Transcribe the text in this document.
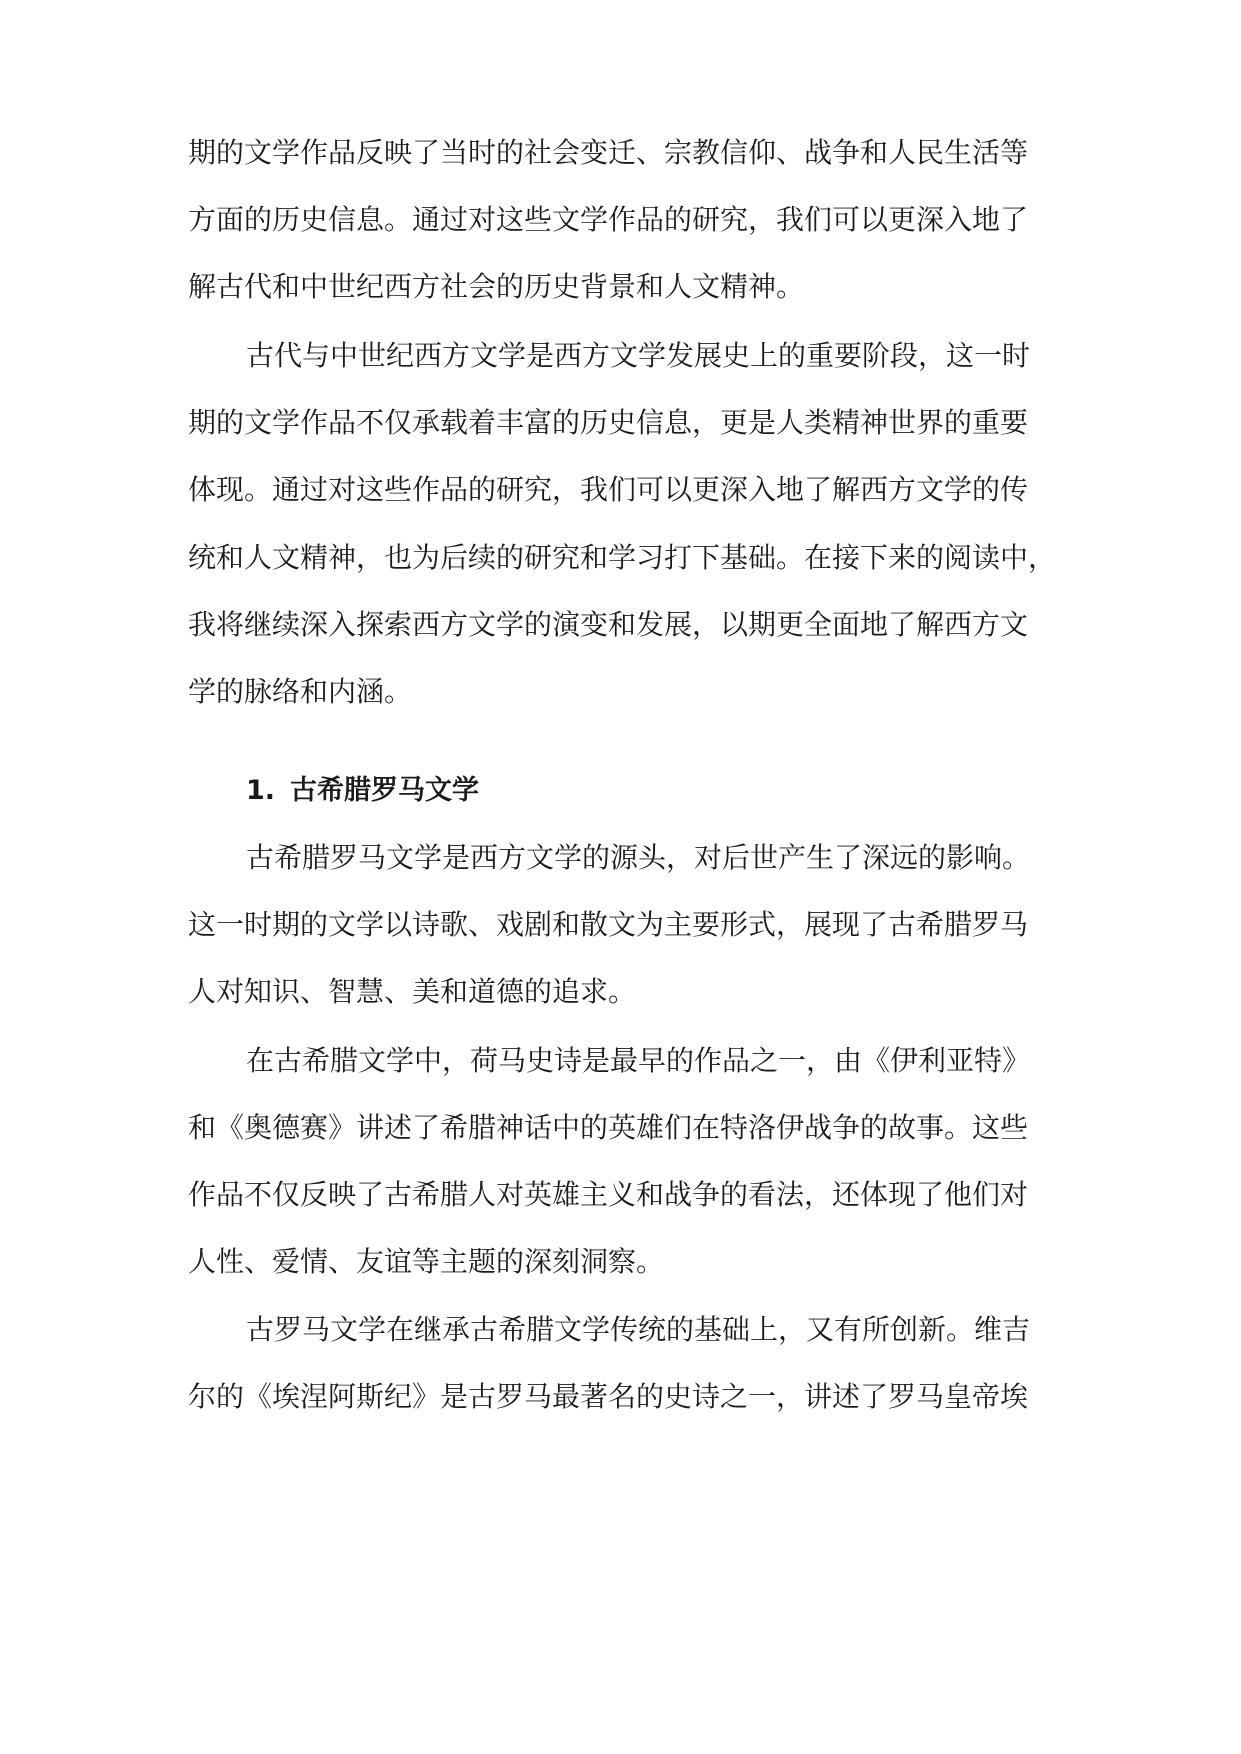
期的文学作品反映了当时的社会变迁、宗教信仰、战争和人民生活等
方面的历史信息。通过对这些文学作品的研究，我们可以更深入地了
解古代和中世纪西方社会的历史背景和人文精神。
古代与中世纪西方文学是西方文学发展史上的重要阶段，这一时
期的文学作品不仅承载着丰富的历史信息，更是人类精神世界的重要
体现。通过对这些作品的研究，我们可以更深入地了解西方文学的传
统和人文精神，也为后续的研究和学习打下基础。在接下来的阅读中，
我将继续深入探索西方文学的演变和发展，以期更全面地了解西方文
学的脉络和内涵。
1. 古希腊罗马文学
古希腊罗马文学是西方文学的源头，对后世产生了深远的影响。
这一时期的文学以诗歌、戏剧和散文为主要形式，展现了古希腊罗马
人对知识、智慧、美和道德的追求。
在古希腊文学中，荷马史诗是最早的作品之一，由《伊利亚特》
和《奥德赛》讲述了希腊神话中的英雄们在特洛伊战争的故事。这些
作品不仅反映了古希腊人对英雄主义和战争的看法，还体现了他们对
人性、爱情、友谊等主题的深刻洞察。
古罗马文学在继承古希腊文学传统的基础上，又有所创新。维吉
尔的《埃涅阿斯纪》是古罗马最著名的史诗之一，讲述了罗马皇帝埃
